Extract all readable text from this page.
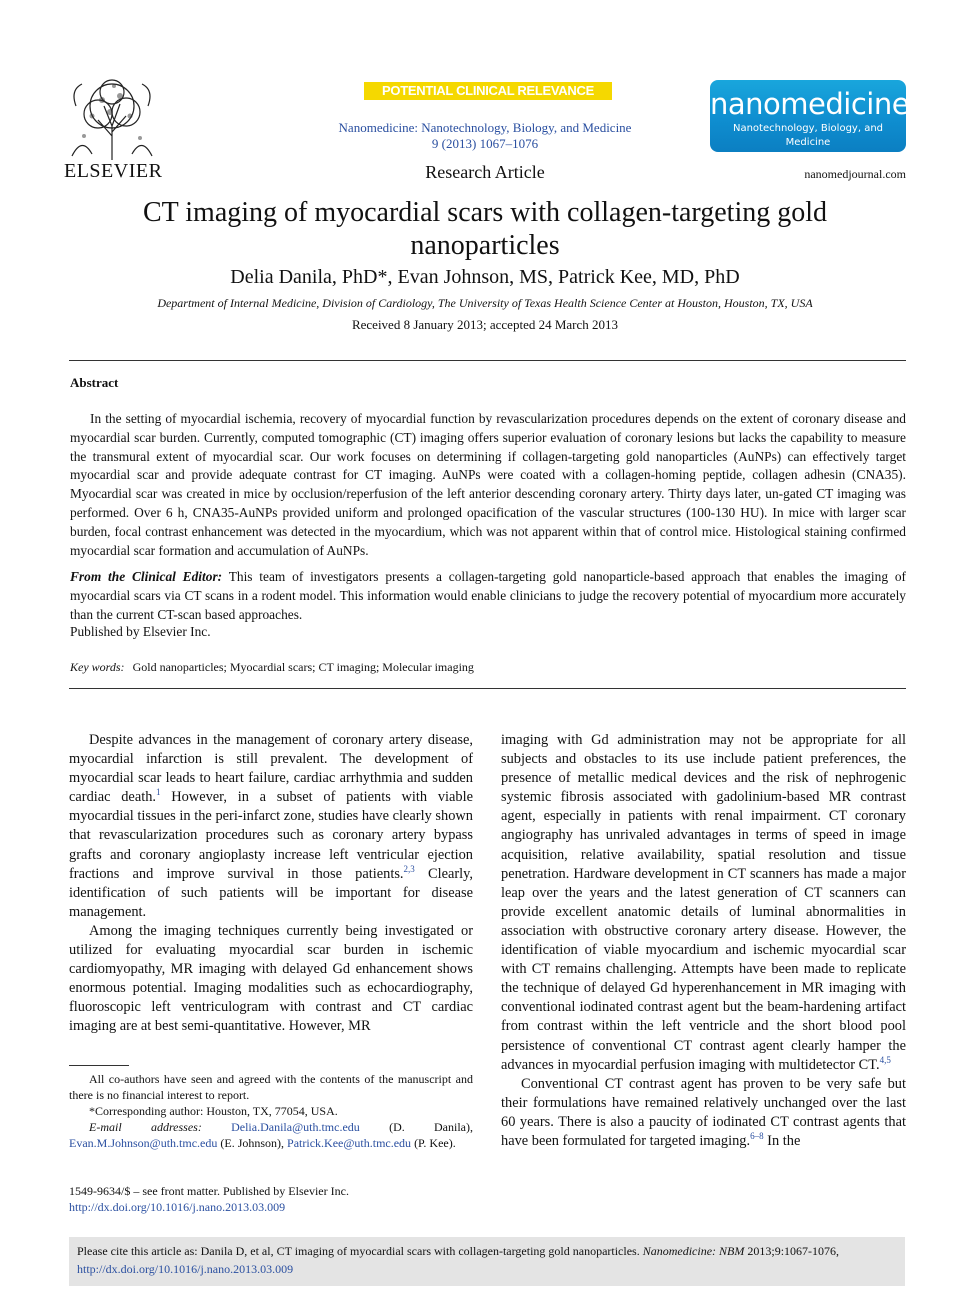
ELSEVIER
POTENTIAL CLINICAL RELEVANCE
Nanomedicine: Nanotechnology, Biology, and Medicine
9 (2013) 1067–1076
Research Article
nanomedicine
Nanotechnology, Biology, and Medicine
nanomedjournal.com
CT imaging of myocardial scars with collagen-targeting gold nanoparticles
Delia Danila, PhD*, Evan Johnson, MS, Patrick Kee, MD, PhD
Department of Internal Medicine, Division of Cardiology, The University of Texas Health Science Center at Houston, Houston, TX, USA
Received 8 January 2013; accepted 24 March 2013
Abstract
In the setting of myocardial ischemia, recovery of myocardial function by revascularization procedures depends on the extent of coronary disease and myocardial scar burden. Currently, computed tomographic (CT) imaging offers superior evaluation of coronary lesions but lacks the capability to measure the transmural extent of myocardial scar. Our work focuses on determining if collagen-targeting gold nanoparticles (AuNPs) can effectively target myocardial scar and provide adequate contrast for CT imaging. AuNPs were coated with a collagen-homing peptide, collagen adhesin (CNA35). Myocardial scar was created in mice by occlusion/reperfusion of the left anterior descending coronary artery. Thirty days later, un-gated CT imaging was performed. Over 6 h, CNA35-AuNPs provided uniform and prolonged opacification of the vascular structures (100-130 HU). In mice with larger scar burden, focal contrast enhancement was detected in the myocardium, which was not apparent within that of control mice. Histological staining confirmed myocardial scar formation and accumulation of AuNPs.
From the Clinical Editor: This team of investigators presents a collagen-targeting gold nanoparticle-based approach that enables the imaging of myocardial scars via CT scans in a rodent model. This information would enable clinicians to judge the recovery potential of myocardium more accurately than the current CT-scan based approaches.
Published by Elsevier Inc.
Key words: Gold nanoparticles; Myocardial scars; CT imaging; Molecular imaging

Despite advances in the management of coronary artery disease, myocardial infarction is still prevalent. The development of myocardial scar leads to heart failure, cardiac arrhythmia and sudden cardiac death.$^1$ However, in a subset of patients with viable myocardial tissues in the peri-infarct zone, studies have clearly shown that revascularization procedures such as coronary artery bypass grafts and coronary angioplasty increase left ventricular ejection fractions and improve survival in those patients.$^{2,3}$ Clearly, identification of such patients will be important for disease management.

Among the imaging techniques currently being investigated or utilized for evaluating myocardial scar burden in ischemic cardiomyopathy, MR imaging with delayed Gd enhancement shows enormous potential. Imaging modalities such as echocardiography, fluoroscopic left ventriculogram with contrast and CT cardiac imaging are at best semi-quantitative. However, MR

imaging with Gd administration may not be appropriate for all subjects and obstacles to its use include patient preferences, the presence of metallic medical devices and the risk of nephrogenic systemic fibrosis associated with gadolinium-based MR contrast agent, especially in patients with renal impairment. CT coronary angiography has unrivaled advantages in terms of speed in image acquisition, relative availability, spatial resolution and tissue penetration. Hardware development in CT scanners has made a major leap over the years and the latest generation of CT scanners can provide excellent anatomic details of luminal abnormalities in association with obstructive coronary artery disease. However, the identification of viable myocardium and ischemic myocardial scar with CT remains challenging. Attempts have been made to replicate the technique of delayed Gd hyperenhancement in MR imaging with conventional iodinated contrast agent but the beam-hardening artifact from contrast within the left ventricle and the short blood pool persistence of conventional CT contrast agent clearly hamper the advances in myocardial perfusion imaging with multidetector CT.$^{4,5}$

Conventional CT contrast agent has proven to be very safe but their formulations have remained relatively unchanged over the last 60 years. There is also a paucity of iodinated CT contrast agents that have been formulated for targeted imaging.$^{6-8}$ In the

All co-authors have seen and agreed with the contents of the manuscript and there is no financial interest to report.

*Corresponding author: Houston, TX, 77054, USA.

E-mail addresses: Delia.Danila@uth.tmc.edu (D. Danila), Evan.M.Johnson@uth.tmc.edu (E. Johnson), Patrick.Kee@uth.tmc.edu (P. Kee).

1549-9634/$ – see front matter. Published by Elsevier Inc.
http://dx.doi.org/10.1016/j.nano.2013.03.009
Please cite this article as: Danila D, et al, CT imaging of myocardial scars with collagen-targeting gold nanoparticles. Nanomedicine: NBM 2013;9:1067-1076,
http://dx.doi.org/10.1016/j.nano.2013.03.009
